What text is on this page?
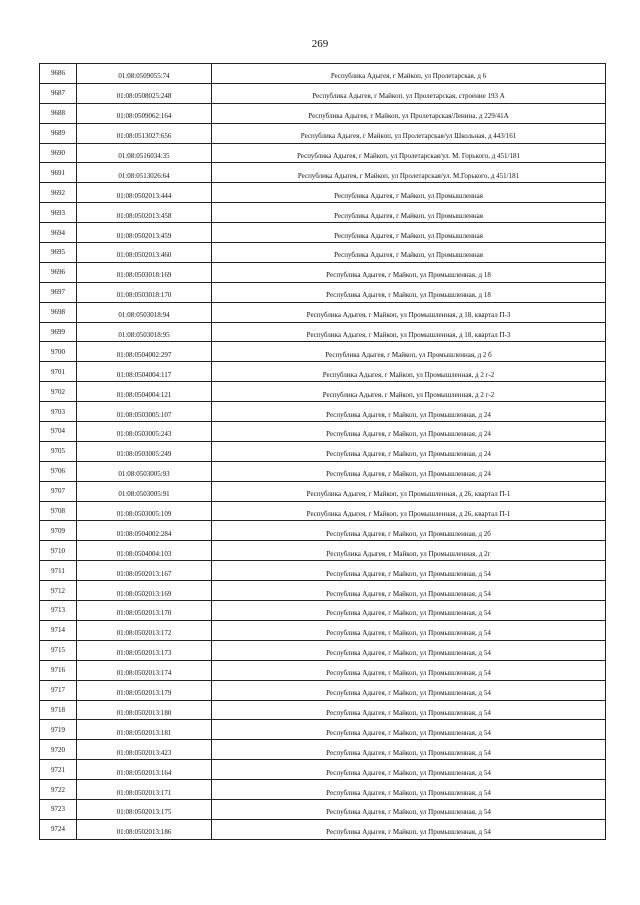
269
9686	01:08:0509055:74	Республика Адыгея, г Майкоп, ул Пролетарская, д 6
9687	01:08:0508025:248	Республика Адыгея, г Майкоп, ул Пролетарская, строение 193 А
9688	01:08:0509062:164	Республика Адыгея, г Майкоп, ул Пролетарская/Ленина, д 229/41А
9689	01:08:0513027:656	Республика Адыгея, г Майкоп, ул Пролетарская/ул Школьная, д 443/161
9690	01:08:0516034:35	Республика Адыгея, г Майкоп, ул Пролетарская/ул. М. Горького, д 451/181
9691	01:08:0513026:64	Республика Адыгея, г Майкоп, ул Пролетарская/ул. М.Горького, д 451/181
9692	01:08:0502013:444	Республика Адыгея, г Майкоп, ул Промышленная
9693	01:08:0502013:458	Республика Адыгея, г Майкоп, ул Промышленная
9694	01:08:0502013:459	Республика Адыгея, г Майкоп, ул Промышленная
9695	01:08:0502013:460	Республика Адыгея, г Майкоп, ул Промышленная
9696	01:08:0503018:169	Республика Адыгея, г Майкоп, ул Промышленная, д 18
9697	01:08:0503018:170	Республика Адыгея, г Майкоп, ул Промышленная, д 18
9698	01:08:0503018:94	Республика Адыгея, г Майкоп, ул Промышленная, д 18, квартал П-3
9699	01:08:0503018:95	Республика Адыгея, г Майкоп, ул Промышленная, д 18, квартал П-3
9700	01:08:0504002:297	Республика Адыгея, г Майкоп, ул Промышленная, д 2 б
9701	01:08:0504004:117	Республика Адыгея, г Майкоп, ул Промышленная, д 2 г-2
9702	01:08:0504004:121	Республика Адыгея, г Майкоп, ул Промышленная, д 2 г-2
9703	01:08:0503005:107	Республика Адыгея, г Майкоп, ул Промышленная, д 24
9704	01:08:0503005:243	Республика Адыгея, г Майкоп, ул Промышленная, д 24
9705	01:08:0503005:249	Республика Адыгея, г Майкоп, ул Промышленная, д 24
9706	01:08:0503005:93	Республика Адыгея, г Майкоп, ул Промышленная, д 24
9707	01:08:0503005:91	Республика Адыгея, г Майкоп, ул Промышленная, д 26, квартал П-1
9708	01:08:0503005:109	Республика Адыгея, г Майкоп, ул Промышленная, д 26, квартал П-1
9709	01:08:0504002:284	Республика Адыгея, г Майкоп, ул Промышленная, д 2б
9710	01:08:0504004:103	Республика Адыгея, г Майкоп, ул Промышленная, д 2г
9711	01:08:0502013:167	Республика Адыгея, г Майкоп, ул Промышленная, д 54
9712	01:08:0502013:169	Республика Адыгея, г Майкоп, ул Промышленная, д 54
9713	01:08:0502013:170	Республика Адыгея, г Майкоп, ул Промышленная, д 54
9714	01:08:0502013:172	Республика Адыгея, г Майкоп, ул Промышленная, д 54
9715	01:08:0502013:173	Республика Адыгея, г Майкоп, ул Промышленная, д 54
9716	01:08:0502013:174	Республика Адыгея, г Майкоп, ул Промышленная, д 54
9717	01:08:0502013:179	Республика Адыгея, г Майкоп, ул Промышленная, д 54
9718	01:08:0502013:180	Республика Адыгея, г Майкоп, ул Промышленная, д 54
9719	01:08:0502013:181	Республика Адыгея, г Майкоп, ул Промышленная, д 54
9720	01:08:0502013:423	Республика Адыгея, г Майкоп, ул Промышленная, д 54
9721	01:08:0502013:164	Республика Адыгея, г Майкоп, ул Промышленная, д 54
9722	01:08:0502013:171	Республика Адыгея, г Майкоп, ул Промышленная, д 54
9723	01:08:0502013:175	Республика Адыгея, г Майкоп, ул Промышленная, д 54
9724	01:08:0502013:186	Республика Адыгея, г Майкоп, ул Промышленная, д 54
